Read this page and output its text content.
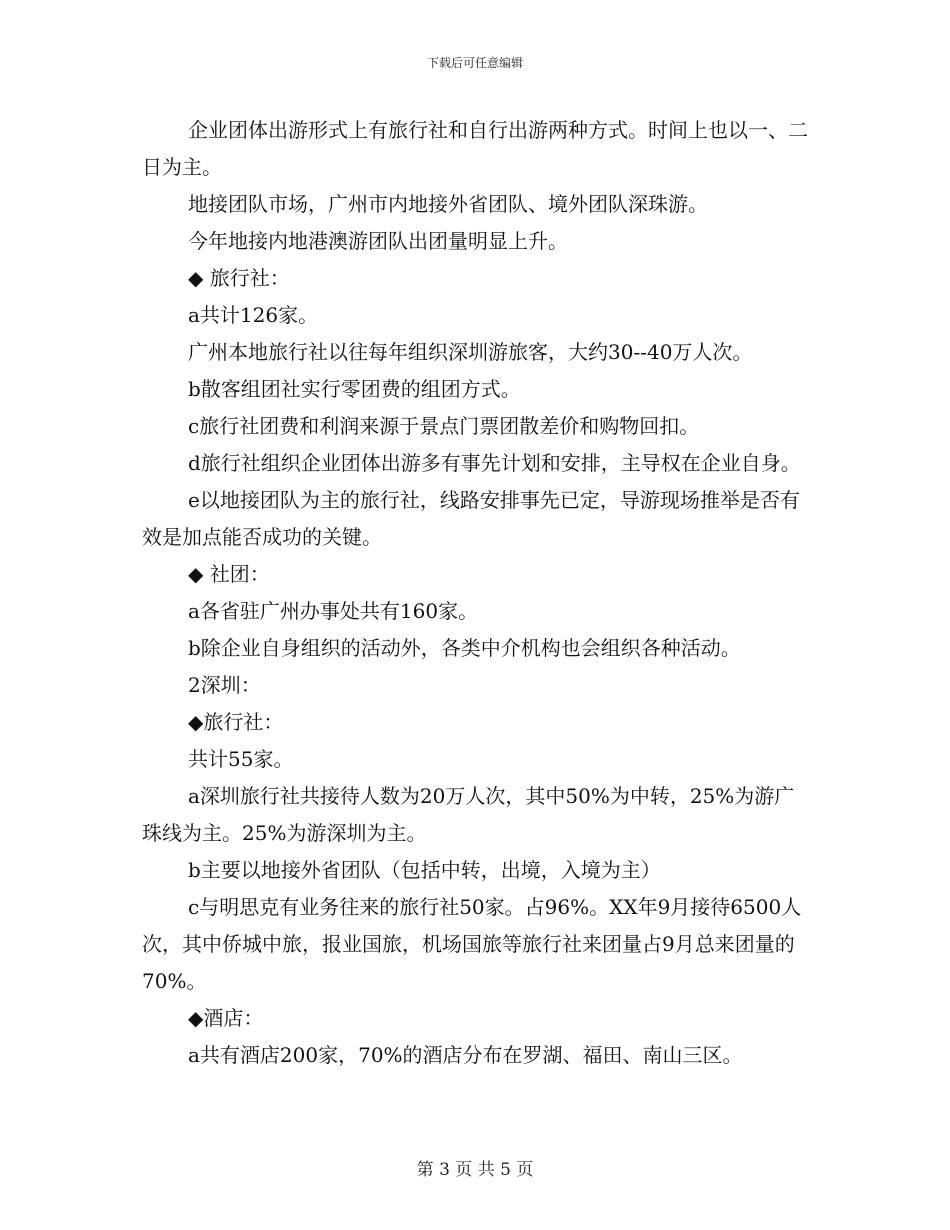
下载后可任意编辑

企业团体出游形式上有旅行社和自行出游两种方式。时间上也以一、二日为主。

地接团队市场，广州市内地接外省团队、境外团队深珠游。

今年地接内地港澳游团队出团量明显上升。

◆ 旅行社：

a共计126家。

广州本地旅行社以往每年组织深圳游旅客，大约30--40万人次。

b散客组团社实行零团费的组团方式。

c旅行社团费和利润来源于景点门票团散差价和购物回扣。

d旅行社组织企业团体出游多有事先计划和安排，主导权在企业自身。

e以地接团队为主的旅行社，线路安排事先已定，导游现场推举是否有效是加点能否成功的关键。

◆ 社团：

a各省驻广州办事处共有160家。

b除企业自身组织的活动外，各类中介机构也会组织各种活动。

2深圳：

◆旅行社：

共计55家。

a深圳旅行社共接待人数为20万人次，其中50%为中转，25%为游广珠线为主。25%为游深圳为主。

b主要以地接外省团队（包括中转，出境，入境为主）

c与明思克有业务往来的旅行社50家。占96%。XX年9月接待6500人次，其中侨城中旅，报业国旅，机场国旅等旅行社来团量占9月总来团量的70%。

◆酒店：

a共有酒店200家，70%的酒店分布在罗湖、福田、南山三区。

第 3 页 共 5 页
